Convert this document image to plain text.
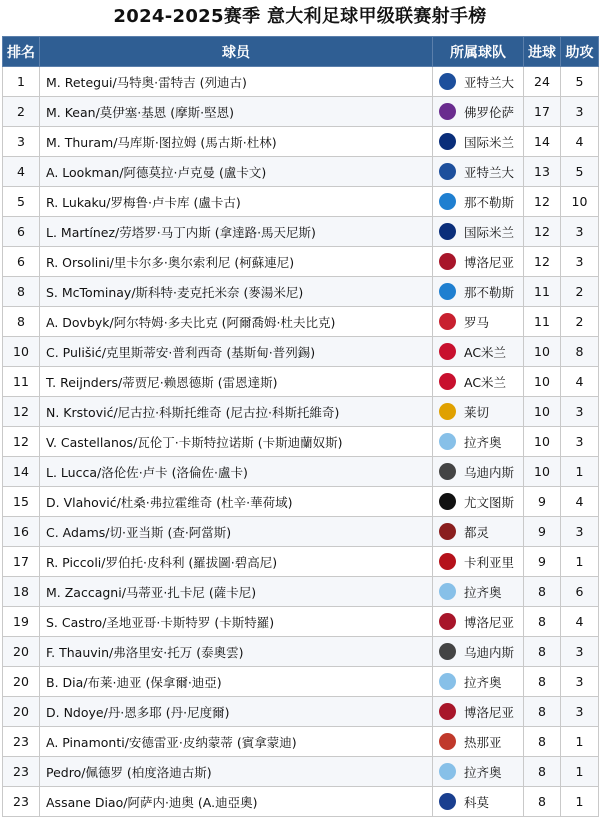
2024-2025赛季 意大利足球甲级联赛射手榜
排名	球员	所属球队	进球	助攻
1	M. Retegui/马特奥·雷特吉 (列迪古)	亚特兰大	24	5
2	M. Kean/莫伊塞·基恩 (摩斯·堅恩)	佛罗伦萨	17	3
3	M. Thuram/马库斯·图拉姆 (馬古斯·杜林)	国际米兰	14	4
4	A. Lookman/阿德莫拉·卢克曼 (盧卡文)	亚特兰大	13	5
5	R. Lukaku/罗梅鲁·卢卡库 (盧卡古)	那不勒斯	12	10
6	L. Martínez/劳塔罗·马丁内斯 (拿達路·馬天尼斯)	国际米兰	12	3
6	R. Orsolini/里卡尔多·奥尔索利尼 (柯蘇連尼)	博洛尼亚	12	3
8	S. McTominay/斯科特·麦克托米奈 (麥湯米尼)	那不勒斯	11	2
8	A. Dovbyk/阿尔特姆·多夫比克 (阿爾喬姆·杜夫比克)	罗马	11	2
10	C. Pulišić/克里斯蒂安·普利西奇 (基斯甸·普列錫)	AC米兰	10	8
11	T. Reijnders/蒂贾尼·赖恩德斯 (雷恩達斯)	AC米兰	10	4
12	N. Krstović/尼古拉·科斯托维奇 (尼古拉·科斯托維奇)	莱切	10	3
12	V. Castellanos/瓦伦丁·卡斯特拉诺斯 (卡斯迪蘭奴斯)	拉齐奥	10	3
14	L. Lucca/洛伦佐·卢卡 (洛倫佐·盧卡)	乌迪内斯	10	1
15	D. Vlahović/杜桑·弗拉霍维奇 (杜辛·華荷域)	尤文图斯	9	4
16	C. Adams/切·亚当斯 (查·阿當斯)	都灵	9	3
17	R. Piccoli/罗伯托·皮科利 (羅拔圖·碧高尼)	卡利亚里	9	1
18	M. Zaccagni/马蒂亚·扎卡尼 (薩卡尼)	拉齐奥	8	6
19	S. Castro/圣地亚哥·卡斯特罗 (卡斯特羅)	博洛尼亚	8	4
20	F. Thauvin/弗洛里安·托万 (泰奧雲)	乌迪内斯	8	3
20	B. Dia/布莱·迪亚 (保拿爾·迪亞)	拉齐奥	8	3
20	D. Ndoye/丹·恩多耶 (丹·尼度爾)	博洛尼亚	8	3
23	A. Pinamonti/安德雷亚·皮纳蒙蒂 (賓拿蒙迪)	热那亚	8	1
23	Pedro/佩德罗 (柏度洛迪古斯)	拉齐奥	8	1
23	Assane Diao/阿萨内·迪奥 (A.迪亞奧)	科莫	8	1
